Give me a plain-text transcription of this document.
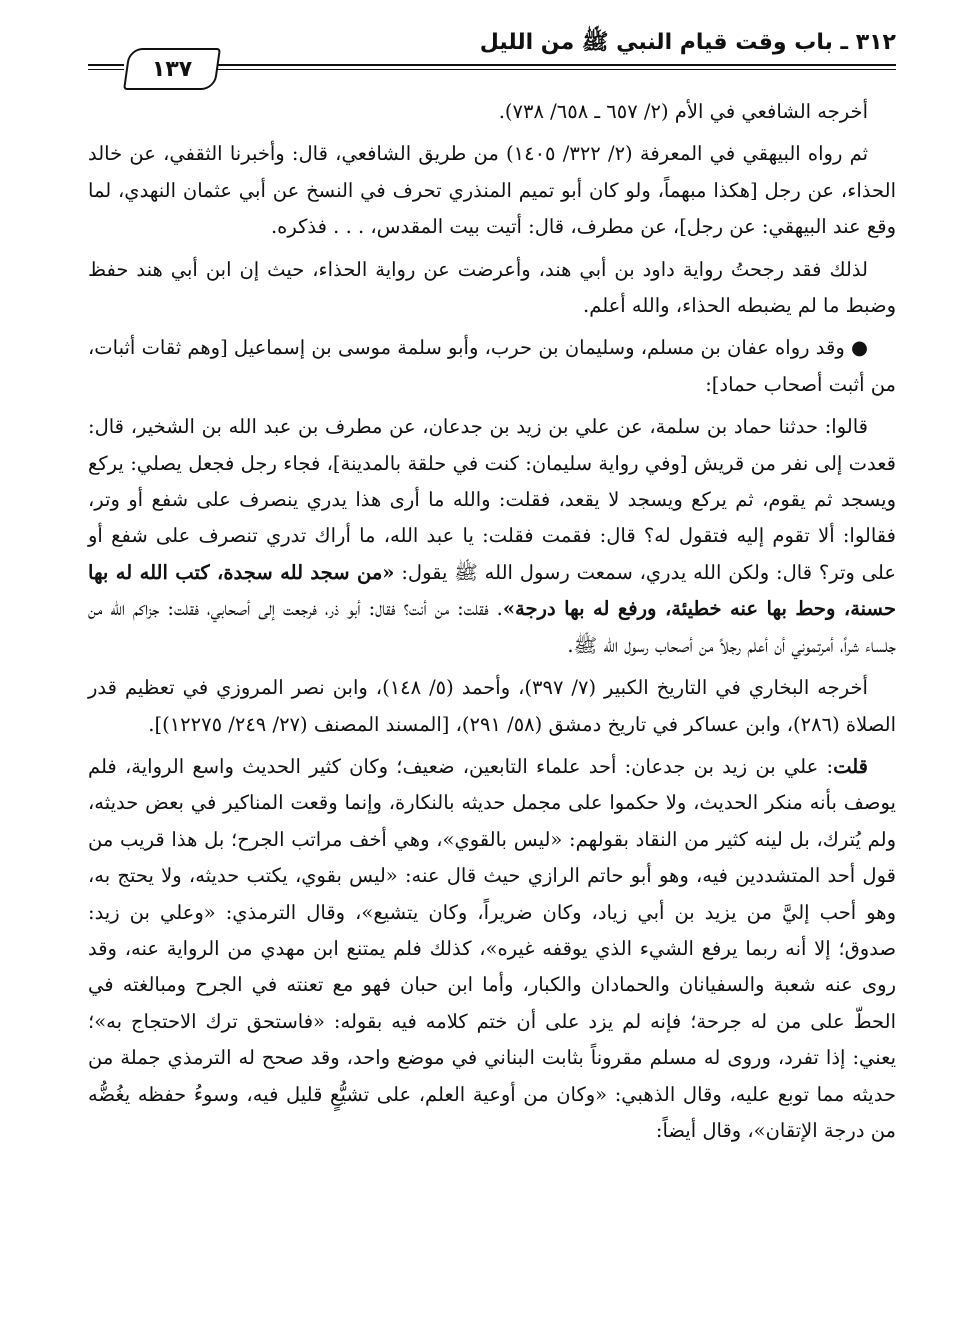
٣١٢ ـ باب وقت قيام النبي ﷺ من الليل
١٣٧

أخرجه الشافعي في الأم (٢/ ٦٥٧ ـ ٦٥٨/ ٧٣٨).

ثم رواه البيهقي في المعرفة (٢/ ٣٢٢/ ١٤٠٥) من طريق الشافعي، قال: وأخبرنا الثقفي، عن خالد الحذاء، عن رجل [هكذا مبهماً، ولو كان أبو تميم المنذري تحرف في النسخ عن أبي عثمان النهدي، لما وقع عند البيهقي: عن رجل]، عن مطرف، قال: أتيت بيت المقدس، . . . فذكره.

لذلك فقد رجحتُ رواية داود بن أبي هند، وأعرضت عن رواية الحذاء، حيث إن ابن أبي هند حفظ وضبط ما لم يضبطه الحذاء، والله أعلم.

● وقد رواه عفان بن مسلم، وسليمان بن حرب، وأبو سلمة موسى بن إسماعيل [وهم ثقات أثبات، من أثبت أصحاب حماد]:

قالوا: حدثنا حماد بن سلمة، عن علي بن زيد بن جدعان، عن مطرف بن عبد الله بن الشخير، قال: قعدت إلى نفر من قريش [وفي رواية سليمان: كنت في حلقة بالمدينة]، فجاء رجل فجعل يصلي: يركع ويسجد ثم يقوم، ثم يركع ويسجد لا يقعد، فقلت: والله ما أرى هذا يدري ينصرف على شفع أو وتر، فقالوا: ألا تقوم إليه فتقول له؟ قال: فقمت فقلت: يا عبد الله، ما أراك تدري تنصرف على شفع أو على وتر؟ قال: ولكن الله يدري، سمعت رسول الله ﷺ يقول: «من سجد لله سجدة، كتب الله له بها حسنة، وحط بها عنه خطيئة، ورفع له بها درجة». فقلت: من أنت؟ فقال: أبو ذر، فرجعت إلى أصحابي، فقلت: جزاكم الله من جلساء شراً، أمرتموني أن أعلم رجلاً من أصحاب رسول الله ﷺ.

أخرجه البخاري في التاريخ الكبير (٧/ ٣٩٧)، وأحمد (٥/ ١٤٨)، وابن نصر المروزي في تعظيم قدر الصلاة (٢٨٦)، وابن عساكر في تاريخ دمشق (٥٨/ ٢٩١)، [المسند المصنف (٢٧/ ٢٤٩/ ١٢٢٧٥)].

قلت: علي بن زيد بن جدعان: أحد علماء التابعين، ضعيف؛ وكان كثير الحديث واسع الرواية، فلم يوصف بأنه منكر الحديث، ولا حكموا على مجمل حديثه بالنكارة، وإنما وقعت المناكير في بعض حديثه، ولم يُترك، بل لينه كثير من النقاد بقولهم: «ليس بالقوي»، وهي أخف مراتب الجرح؛ بل هذا قريب من قول أحد المتشددين فيه، وهو أبو حاتم الرازي حيث قال عنه: «ليس بقوي، يكتب حديثه، ولا يحتج به، وهو أحب إليَّ من يزيد بن أبي زياد، وكان ضريراً، وكان يتشيع»، وقال الترمذي: «وعلي بن زيد: صدوق؛ إلا أنه ربما يرفع الشيء الذي يوقفه غيره»، كذلك فلم يمتنع ابن مهدي من الرواية عنه، وقد روى عنه شعبة والسفيانان والحمادان والكبار، وأما ابن حبان فهو مع تعنته في الجرح ومبالغته في الحطّ على من له جرحة؛ فإنه لم يزد على أن ختم كلامه فيه بقوله: «فاستحق ترك الاحتجاج به»؛ يعني: إذا تفرد، وروى له مسلم مقروناً بثابت البناني في موضع واحد، وقد صحح له الترمذي جملة من حديثه مما توبع عليه، وقال الذهبي: «وكان من أوعية العلم، على تشيُّعٍ قليل فيه، وسوءُ حفظه يغُضُّه من درجة الإتقان»، وقال أيضاً:
